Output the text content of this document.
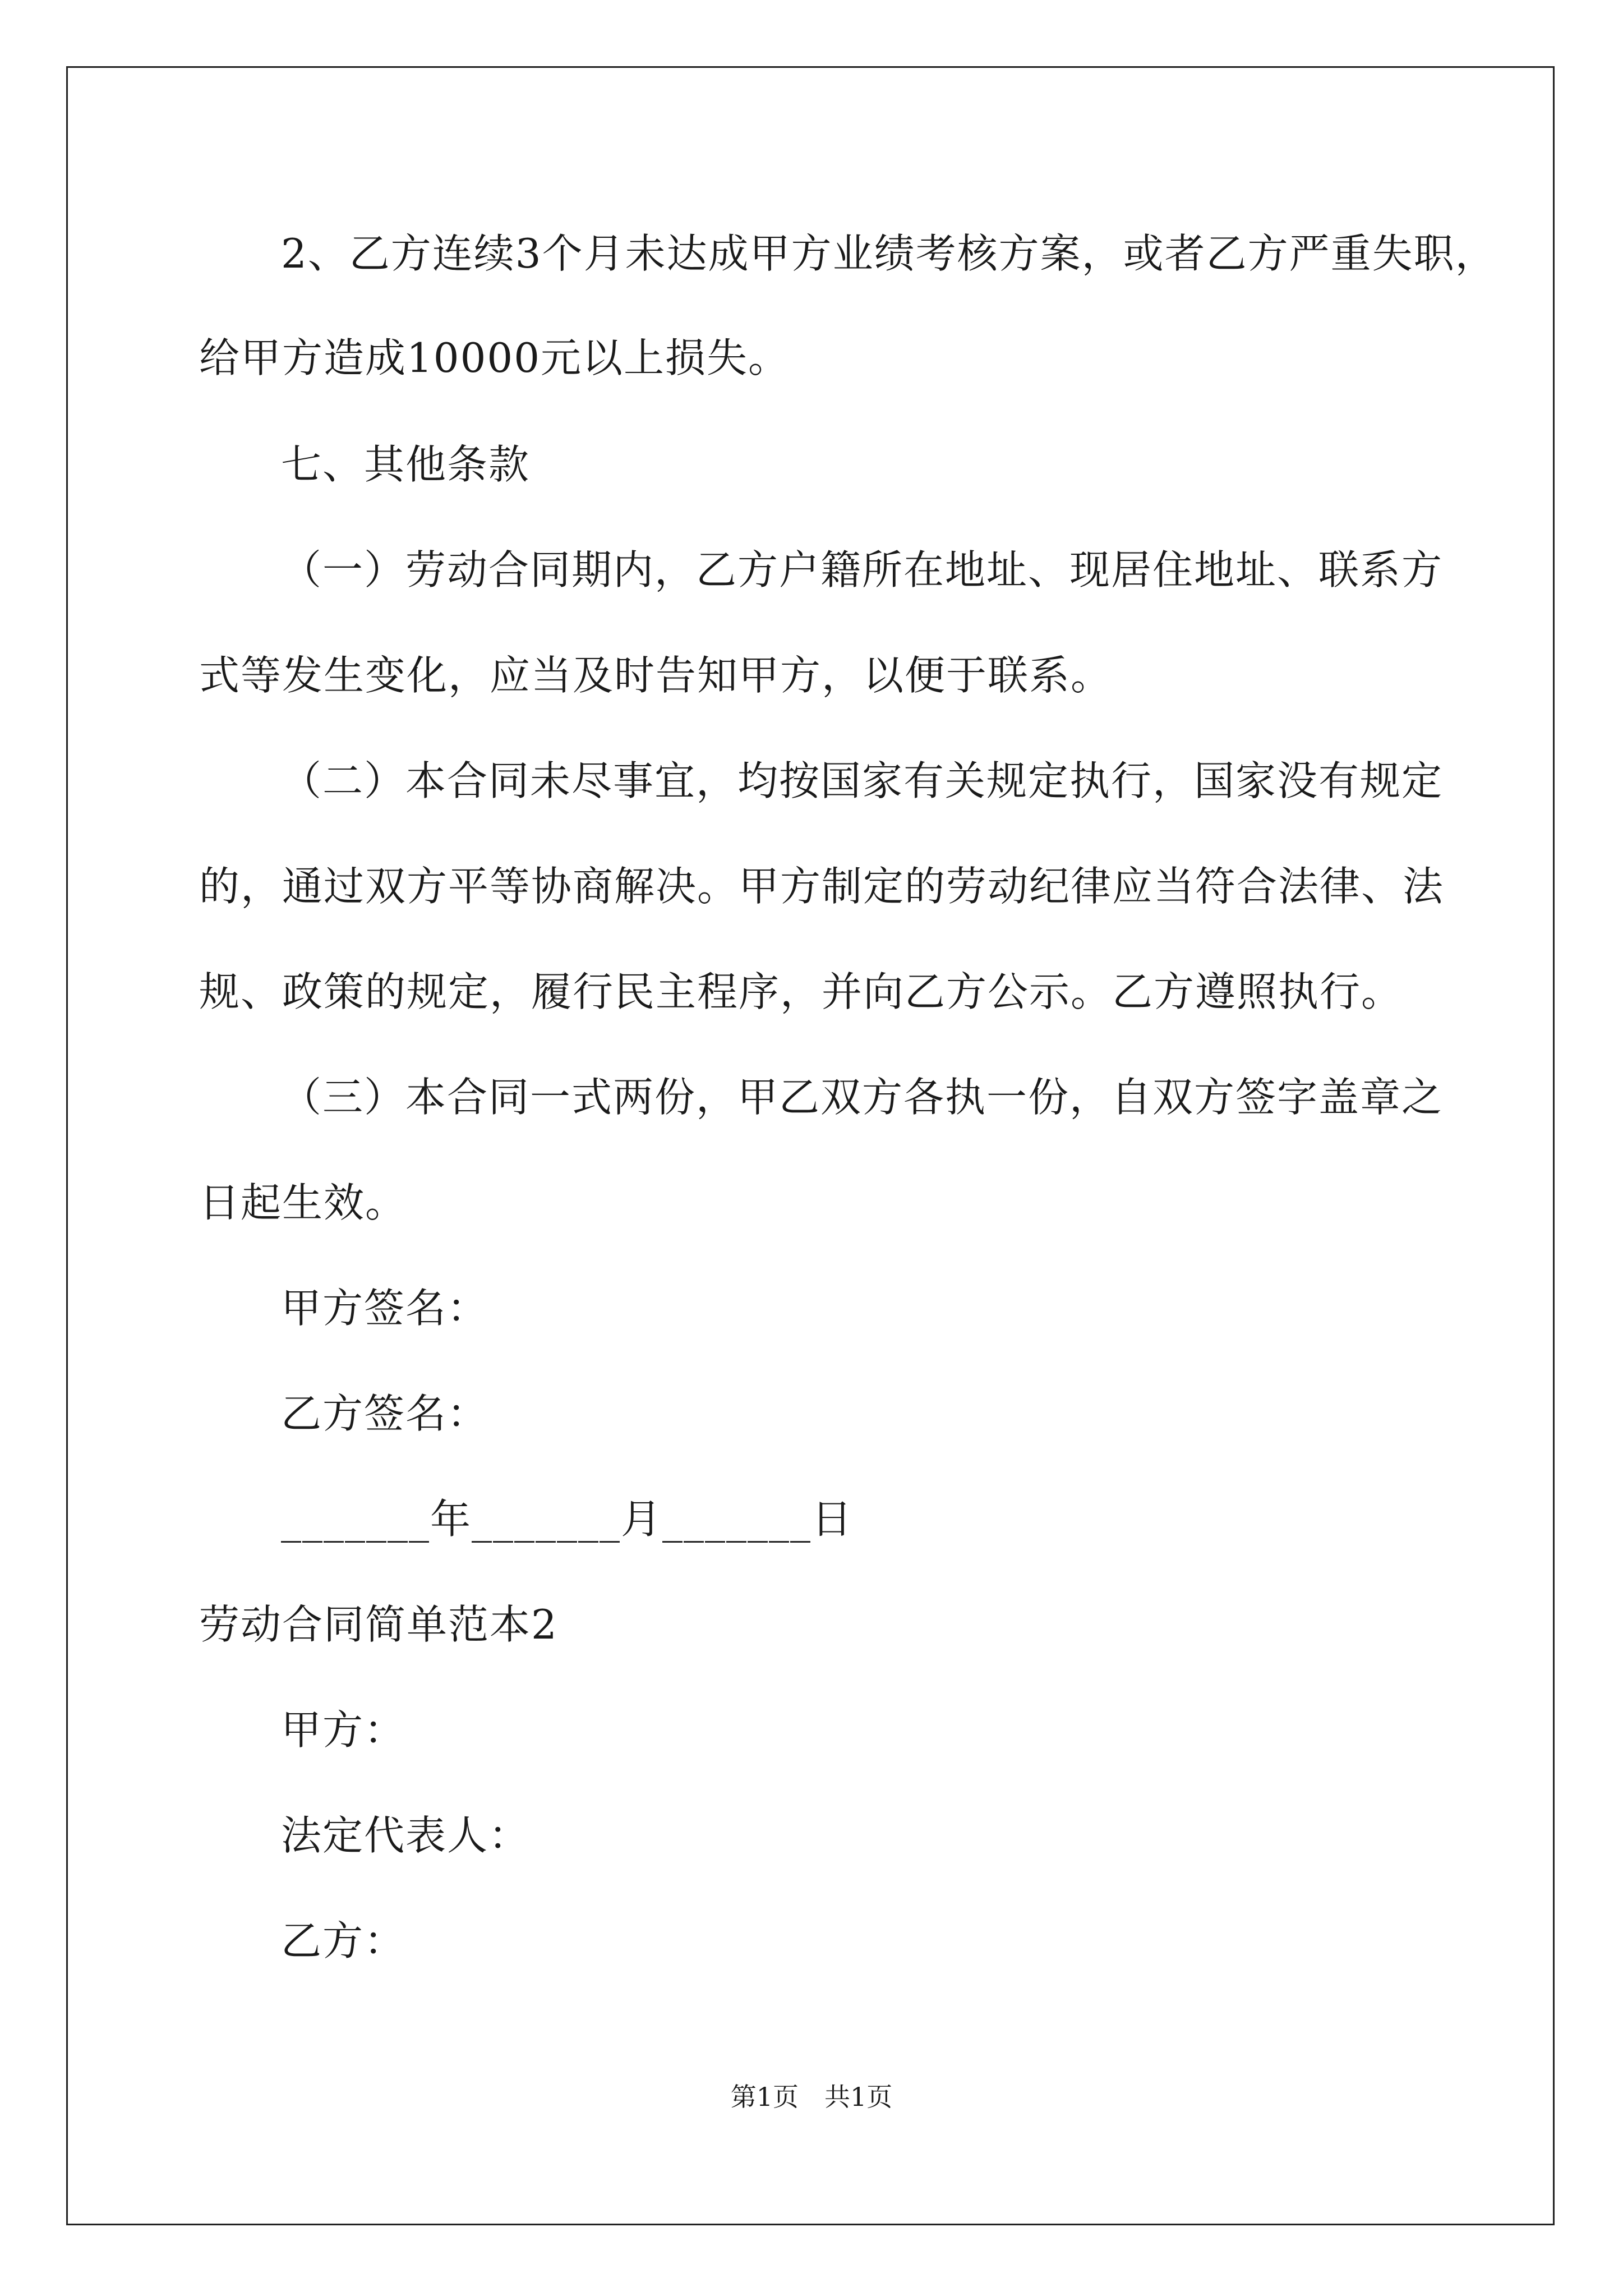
2、乙方连续3个月未达成甲方业绩考核方案，或者乙方严重失职，
给甲方造成10000元以上损失。
七、其他条款
（一）劳动合同期内，乙方户籍所在地址、现居住地址、联系方
式等发生变化，应当及时告知甲方，以便于联系。
（二）本合同未尽事宜，均按国家有关规定执行，国家没有规定
的，通过双方平等协商解决。甲方制定的劳动纪律应当符合法律、法
规、政策的规定，履行民主程序，并向乙方公示。乙方遵照执行。
（三）本合同一式两份，甲乙双方各执一份，自双方签字盖章之
日起生效。
甲方签名：
乙方签名：
_______年_______月_______日
劳动合同简单范本2
甲方：
法定代表人：
乙方：
第1页 共1页
